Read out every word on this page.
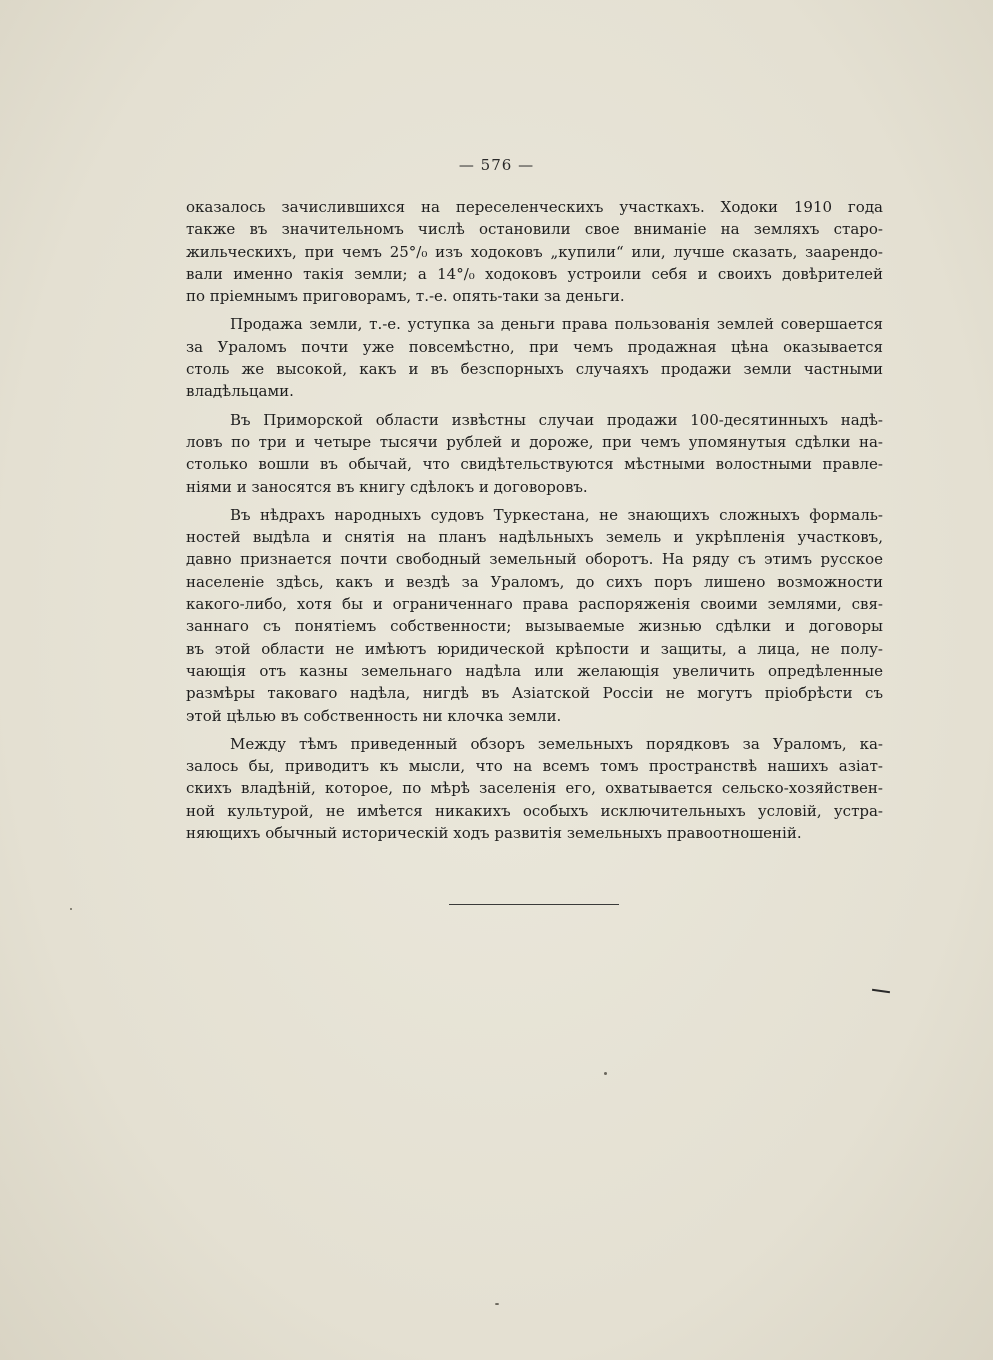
— 576 —
оказалось зачислившихся на переселенческихъ участкахъ. Ходоки 1910 года
также въ значительномъ числѣ остановили свое вниманіе на земляхъ старо-
жильческихъ, при чемъ 25°/₀ изъ ходоковъ „купили“ или, лучше сказать, заарендо-
вали именно такія земли; а 14°/₀ ходоковъ устроили себя и своихъ довѣрителей
по пріемнымъ приговорамъ, т.-е. опять-таки за деньги.
Продажа земли, т.-е. уступка за деньги права пользованія землей совершается
за Ураломъ почти уже повсемѣстно, при чемъ продажная цѣна оказывается
столь же высокой, какъ и въ безспорныхъ случаяхъ продажи земли частными
владѣльцами.
Въ Приморской области извѣстны случаи продажи 100-десятинныхъ надѣ-
ловъ по три и четыре тысячи рублей и дороже, при чемъ упомянутыя сдѣлки на-
столько вошли въ обычай, что свидѣтельствуются мѣстными волостными правле-
ніями и заносятся въ книгу сдѣлокъ и договоровъ.
Въ нѣдрахъ народныхъ судовъ Туркестана, не знающихъ сложныхъ формаль-
ностей выдѣла и снятія на планъ надѣльныхъ земель и укрѣпленія участковъ,
давно признается почти свободный земельный оборотъ. На ряду съ этимъ русское
населеніе здѣсь, какъ и вездѣ за Ураломъ, до сихъ поръ лишено возможности
какого-либо, хотя бы и ограниченнаго права распоряженія своими землями, свя-
заннаго съ понятіемъ собственности; вызываемые жизнью сдѣлки и договоры
въ этой области не имѣютъ юридической крѣпости и защиты, а лица, не полу-
чающія отъ казны земельнаго надѣла или желающія увеличить опредѣленные
размѣры таковаго надѣла, нигдѣ въ Азіатской Россіи не могутъ пріобрѣсти съ
этой цѣлью въ собственность ни клочка земли.
Между тѣмъ приведенный обзоръ земельныхъ порядковъ за Ураломъ, ка-
залось бы, приводитъ къ мысли, что на всемъ томъ пространствѣ нашихъ азіат-
скихъ владѣній, которое, по мѣрѣ заселенія его, охватывается сельско-хозяйствен-
ной культурой, не имѣется никакихъ особыхъ исключительныхъ условій, устра-
няющихъ обычный историческій ходъ развитія земельныхъ правоотношеній.
